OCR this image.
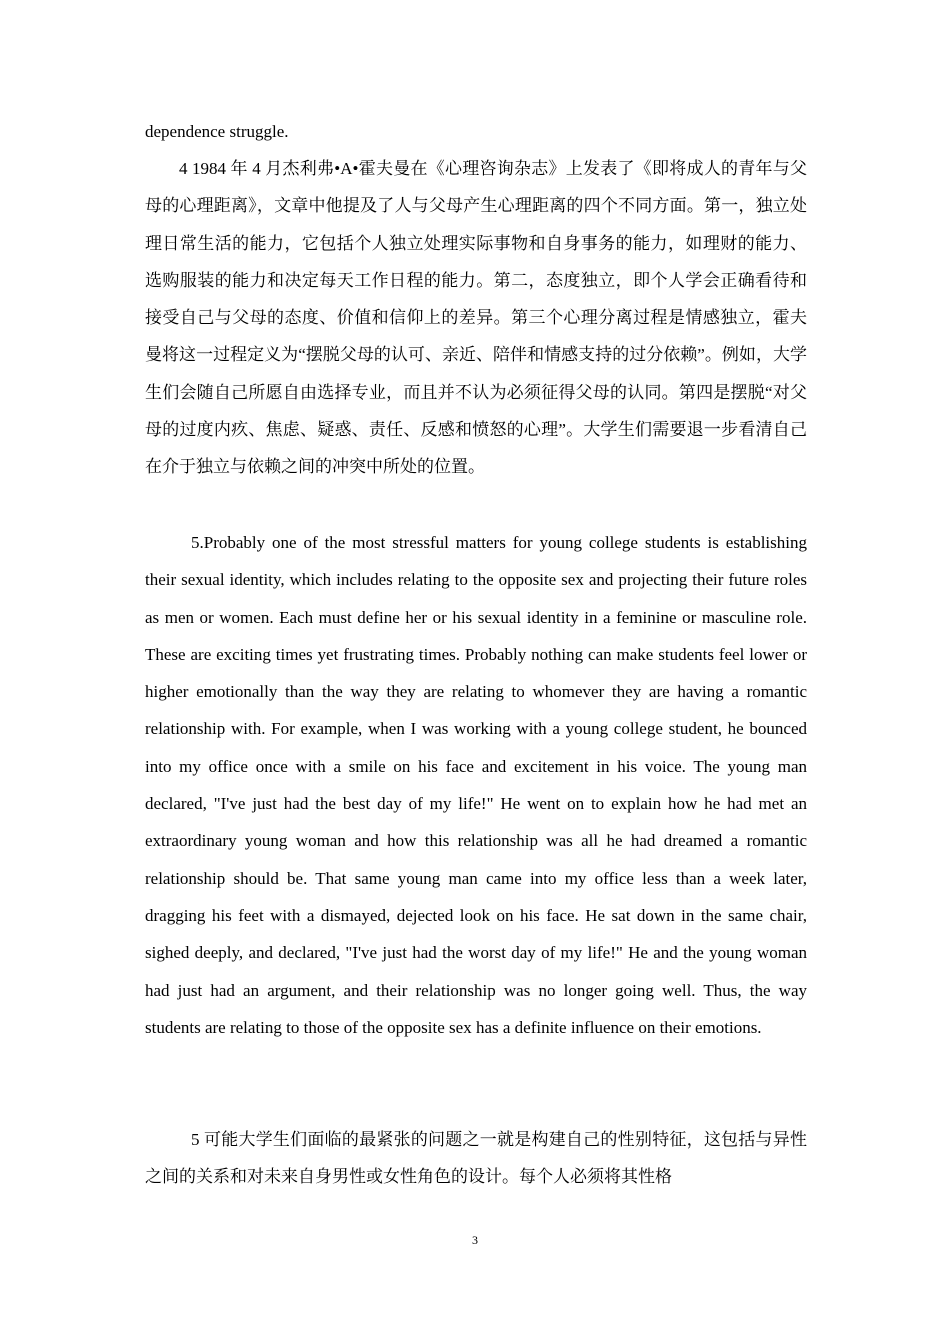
dependence struggle.

4 1984 年 4 月杰利弗•A•霍夫曼在《心理咨询杂志》上发表了《即将成人的青年与父母的心理距离》，文章中他提及了人与父母产生心理距离的四个不同方面。第一，独立处理日常生活的能力，它包括个人独立处理实际事物和自身事务的能力，如理财的能力、选购服装的能力和决定每天工作日程的能力。第二，态度独立，即个人学会正确看待和接受自己与父母的态度、价值和信仰上的差异。第三个心理分离过程是情感独立，霍夫曼将这一过程定义为“摆脱父母的认可、亲近、陪伴和情感支持的过分依赖”。例如，大学生们会随自己所愿自由选择专业，而且并不认为必须征得父母的认同。第四是摆脱“对父母的过度内疚、焦虑、疑惑、责任、反感和愤怒的心理”。大学生们需要退一步看清自己在介于独立与依赖之间的冲突中所处的位置。

5.Probably one of the most stressful matters for young college students is establishing their sexual identity, which includes relating to the opposite sex and projecting their future roles as men or women. Each must define her or his sexual identity in a feminine or masculine role. These are exciting times yet frustrating times. Probably nothing can make students feel lower or higher emotionally than the way they are relating to whomever they are having a romantic relationship with. For example, when I was working with a young college student, he bounced into my office once with a smile on his face and excitement in his voice. The young man declared, "I've just had the best day of my life!" He went on to explain how he had met an extraordinary young woman and how this relationship was all he had dreamed a romantic relationship should be. That same young man came into my office less than a week later, dragging his feet with a dismayed, dejected look on his face. He sat down in the same chair, sighed deeply, and declared, "I've just had the worst day of my life!" He and the young woman had just had an argument, and their relationship was no longer going well. Thus, the way students are relating to those of the opposite sex has a definite influence on their emotions.

5 可能大学生们面临的最紧张的问题之一就是构建自己的性别特征，这包括与异性之间的关系和对未来自身男性或女性角色的设计。每个人必须将其性格

3
